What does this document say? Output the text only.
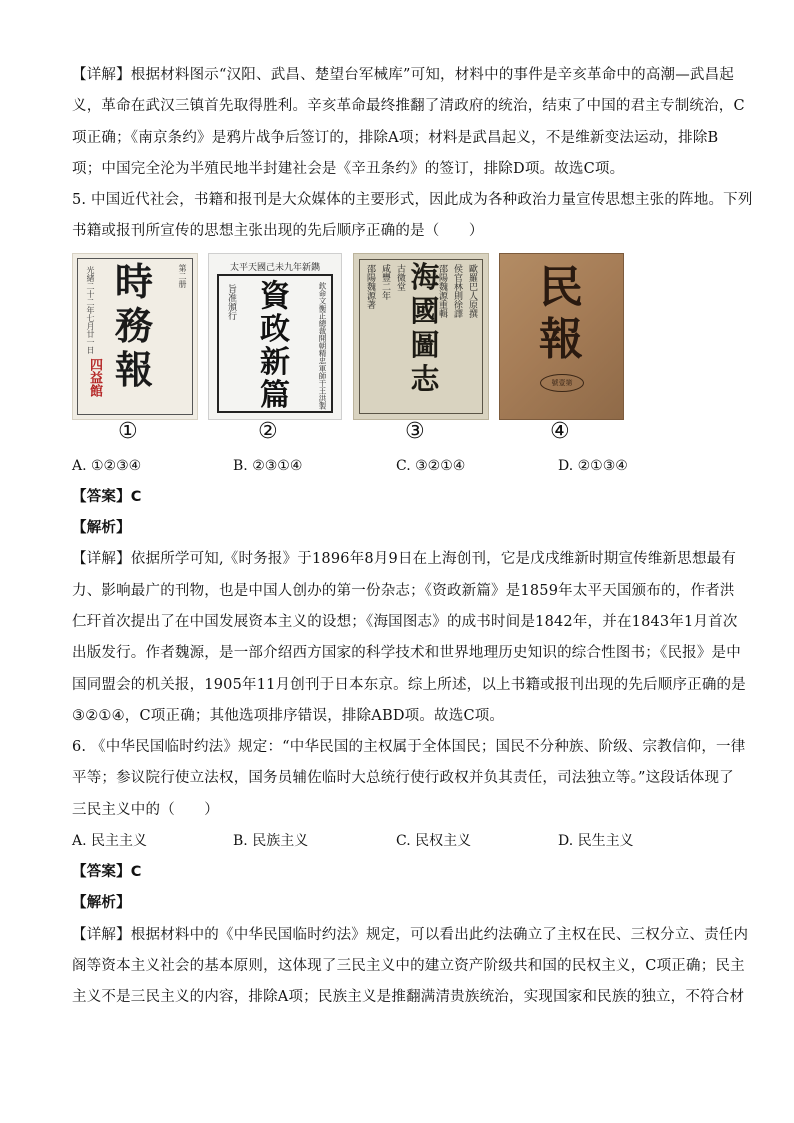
【详解】根据材料图示“汉阳、武昌、楚望台军械库”可知，材料中的事件是辛亥革命中的高潮—武昌起

义，革命在武汉三镇首先取得胜利。辛亥革命最终推翻了清政府的统治，结束了中国的君主专制统治，C

项正确；《南京条约》是鸦片战争后签订的，排除A项；材料是武昌起义，不是维新变法运动，排除B

项；中国完全沦为半殖民地半封建社会是《辛丑条约》的签订，排除D项。故选C项。

5. 中国近代社会，书籍和报刊是大众媒体的主要形式，因此成为各种政治力量宣传思想主张的阵地。下列

书籍或报刊所宣传的思想主张出现的先后顺序正确的是（　　）

時
務
報
光緒二十二年七月廿一日	第二册
四益館
①
太平天國己未九年新鐫
資
政
新
篇
旨准頒行	欽命文衡正總裁開朝精忠軍師干王洪製
②
海
國
圖
志
歐羅巴人原撰
侯官林則徐譯
邵陽魏源重輯
古微堂
咸豐二年
邵陽魏源著
③
民
報
號壹第
④
A. ①②③④	B. ②③①④	C. ③②①④	D. ②①③④

【答案】C

【解析】

【详解】依据所学可知,《时务报》于1896年8月9日在上海创刊，它是戊戌维新时期宣传维新思想最有

力、影响最广的刊物，也是中国人创办的第一份杂志；《资政新篇》是1859年太平天国颁布的，作者洪

仁玕首次提出了在中国发展资本主义的设想；《海国图志》的成书时间是1842年，并在1843年1月首次

出版发行。作者魏源，是一部介绍西方国家的科学技术和世界地理历史知识的综合性图书；《民报》是中

国同盟会的机关报，1905年11月创刊于日本东京。综上所述，以上书籍或报刊出现的先后顺序正确的是

③②①④，C项正确；其他选项排序错误，排除ABD项。故选C项。

6. 《中华民国临时约法》规定：“中华民国的主权属于全体国民；国民不分种族、阶级、宗教信仰，一律

平等；参议院行使立法权，国务员辅佐临时大总统行使行政权并负其责任，司法独立等。”这段话体现了

三民主义中的（　　）

A. 民主主义	B. 民族主义	C. 民权主义	D. 民生主义

【答案】C

【解析】

【详解】根据材料中的《中华民国临时约法》规定，可以看出此约法确立了主权在民、三权分立、责任内

阁等资本主义社会的基本原则，这体现了三民主义中的建立资产阶级共和国的民权主义，C项正确；民主

主义不是三民主义的内容，排除A项；民族主义是推翻满清贵族统治，实现国家和民族的独立，不符合材
